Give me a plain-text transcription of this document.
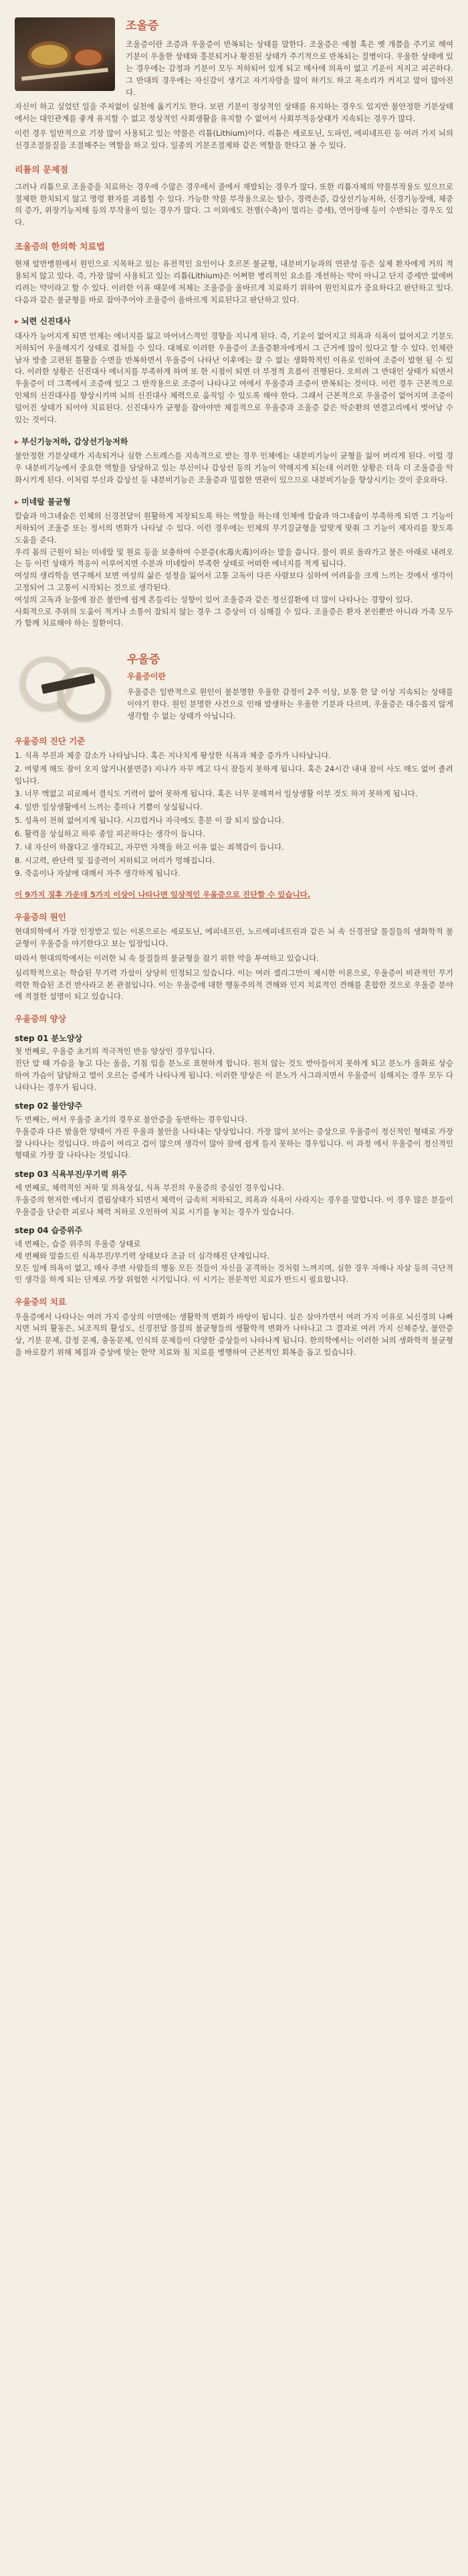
조울증

조울증이란 조증과 우울증이 반복되는 상태를 말한다. 조울증은 예철 혹은 옛 개쯤을 주기로 해여 기분이 우울한 상태와 흥분되거나 황진된 상태가 주기적으로 반복되는 질병이다. 우울한 상태에 있는 경우에는 감정과 기분이 모두 저하되어 있게 되고 매사에 의욕이 없고 기운이 저지고 피곤하다. 그 반대의 경우에는 자신감이 생기고 자기자랑을 많이 하기도 하고 목소리가 커지고 말이 많아진다.

자신이 하고 싶었던 일을 주저없이 실천에 옮기기도 한다. 보편 기분이 정상적인 상태를 유지하는 경우도 있지만 불안정한 기분상태에서는 대인관계를 좋게 유지할 수 없고 정상적인 사회생활을 유지할 수 없어서 사회부적응상태가 지속되는 경우가 많다.

이런 경우 일반적으로 기장 많이 사용되고 있는 약물은 리튬(Lithium)이다. 리튬은 세로토닌, 도파민, 에피네프린 등 여러 가지 뇌의 신경조절물질을 조절해주는 역할을 하고 있다. 일종의 기분조절제와 같은 역할을 한다고 볼 수 있다.

리튬의 문제점

그러나 리튬으로 조울증을 치료하는 경우에 수많은 경우에서 줄에서 재발되는 경우가 많다. 또한 리튬자체의 약물부작용도 있으므로 절제한 한치되지 않고 명령 환자를 괴롭힐 수 있다. 가능한 약물 부작용으로는 탈수, 경력손증, 갑상선기능저하, 신경기능장애, 체중의 증가, 위장기능저해 등의 부작용이 있는 경우가 많다. 그 이외에도 전쟁(수축)이 멀리는 증세), 연어장애 등이 수반되는 경우도 있다.

조울증의 한의학 치료법

현재 알반병원에서 원인으로 지목하고 있는 유전적인 요인이나 호르몬 불균형, 내분비기능과의 연관성 등은 실제 환자에게 거의 적용되지 않고 있다. 즉, 가장 많이 사용되고 있는 리튬(Lithium)은 어쩌한 병리적인 요소를 개선하는 약이 아니고 단지 증세만 없애버리려는 약이라고 할 수 있다. 이러한 이유 때문에 저체는 조울증을 올바르게 치료하기 위하여 원인치료가 중요하다고 판단하고 있다. 다음과 같은 불균형을 바로 잡아주어야 조울증이 올바르게 치료된다고 판단하고 있다.

▸ 뇌련 신진대사

대사가 능어지게 되면 언제는 에너지를 잃고 마어녀스적인 경향을 지니게 된다. 즉, 기운이 없어지고 의욕과 식욕이 없어지고 기분도 저하되어 우울해지기 상태로 겹쳐들 수 있다. 대체로 이러한 우울증이 조울증환자에게서 그 근거에 많이 있다고 할 수 있다. 인체란 남자 방출 고편된 틀활을 수면을 반복하면서 우울증이 나타난 이후에는 잘 수 없는 생화학적인 이유로 인하여 조증이 발현 될 수 있다. 이러한 상황은 신진대사 에너지를 부족하게 하며 또 한 시점이 되면 더 부정적 흐름이 진행된다. 오히려 그 반대인 상태가 되면서 우울증이 더 그쪽에서 조증에 있고 그 반작용으로 조증이 나타나고 여에서 우울증과 조증이 반복되는 것이다. 이런 경우 근본적으로 인체의 신진대사를 향상시키며 뇌의 신진대사 체력으로 움직일 수 있도록 해야 한다. 그래서 근본적으로 우울증이 없어지며 조증이 덜어진 상태가 되어야 치료된다. 신진대사가 균형을 잡아야만 체질적으로 우울증과 조울증 같은 악순환의 연결고리에서 벗어날 수 있는 것이다.

▸ 부신기능저하, 갑상선기능저하

불안정한 기분상태가 지속되거나 심한 스트레스를 지속적으로 받는 경우 인체에는 내분비기능이 균형을 잃어 버리게 된다. 이럴 경우 내분비기능에서 중요한 역할을 담당하고 있는 부신이나 갑상선 등의 기능이 약해지게 되는데 이러한 상황은 더욱 더 조울증을 악화시키게 된다. 이처럼 부신과 갑상선 등 내분비기능은 조울증과 밀접한 연관이 있으므로 내분비기능을 향상시키는 것이 중요하다.

▸ 미네랄 불균형

칼슘과 마그네슘은 인체의 신경전달이 원활하게 저장되도록 하는 역할을 하는데 인체에 칼슘과 마그네슘이 부족하게 되면 그 기능이 저하되어 조울증 또는 정서의 변화가 나타날 수 있다. 이런 경우에는 인체의 무기질균형을 알맞게 맞춰 그 기능이 제자리를 찾도록 도움을 준다.
우리 몸의 근원이 되는 미네랄 및 원료 등을 보충하여 수분증(水毒火毒)이라는 말을 씁니다. 물이 위로 올라가고 불은 아래로 내려오는 등 이런 상태가 적응이 이루어지면 수분과 미네랄이 부족한 상태로 어떠한 에너지를 적게 됩니다.
여성의 생리학을 연구해서 보면 여성의 삶은 성정을 잃어서 고통 고독이 다른 사람보다 심하여 어려움을 크게 느끼는 것에서 생각이 고정되어 그 고통이 시작되는 것으로 생각된다.
여성의 고독과 눈물에 잠은 불안에 쉽게 흔들리는 성향이 있어 조울증과 같은 정신질환에 더 많이 나타나는 경향이 있다.
사회적으로 주위의 도움이 적거나 소통이 잘되지 않는 경우 그 증상이 더 심해질 수 있다. 조울증은 환자 본인뿐만 아니라 가족 모두가 함께 치료해야 하는 질환이다.

우울증
우울증이란

우울증은 일반적으로 원인이 불분명한 우울한 감정이 2주 이상, 보통 한 달 이상 지속되는 상태를 이야기 한다. 원인 분명한 사건으로 인해 발생하는 우울한 기분과 다르며, 우울증은 대수롭지 않게 생각할 수 없는 상태가 아닙니다.

우울증의 진단 기준
1. 식욕 부진과 체중 감소가 나타납니다. 혹은 지나치게 왕성한 식욕과 체중 증가가 나타납니다.
2. 여렇게 해도 잠이 오지 않거나(불면증) 지나가 자꾸 깨고 다시 잠들지 못하게 됩니다. 혹은 24시간 내내 잠이 사도 매도 없어 졸려입니다.
3. 너무 맥없고 피로해서 결식도 기력이 없어 못하게 됩니다. 혹은 너무 문해져서 일상생활 이부 것도 하지 못하게 됩니다.
4. 일반 일상생활에서 느끼는 흥미나 기쁨이 상실됩니다.
5. 성욕이 전혀 없어지게 됩니다. 시끄럽거나 자극에도 흥분 이 잘 되지 않습니다.
6. 활력을 상실하고 하루 종일 피곤하다는 생각이 듭니다.
7. 내 자신이 하찮다고 생각되고, 자꾸만 자책을 하고 이유 없는 죄책감이 듭니다.
8. 시고력, 판단력 및 집중력이 저하되고 머리가 멍해집니다.
9. 죽음이나 자살에 대해서 자주 생각하게 됩니다.
이 9가지 징후 가운데 5가지 이상이 나타나면 임상적인 우울증으로 진단할 수 있습니다.
우울증의 원인

현대의학에서 가장 인정받고 있는 이론으로는 세로토닌, 에피네프린, 노르에피네프린과 같은 뇌 속 신경전달 물질들의 생화학적 불균형이 우울증을 야기한다고 보는 입장입니다.

따라서 현대의학에서는 이러한 뇌 속 물질들의 불균형을 잡기 위한 약을 투여하고 있습니다.

심리학적으로는 학습된 무기력 가설이 상당히 인정되고 있습니다. 이는 여러 셀리그만이 제시한 이론으로, 우울증이 비관적인 무기력한 학습된 조건 반사라고 본 관점입니다. 이는 우울증에 대한 행동주의적 견해와 인지 치료적인 견해를 혼합한 것으로 우울증 분야에 적절한 설명이 되고 있습니다.

우울증의 양상
step 01 분노양상

첫 번째로, 우울증 초기의 적극적인 반응 양상인 경우입니다.
진단 알 때 가슴을 놓고 다는 울을, 기침 입을 분노로 표현하게 합니다. 원치 않는 것도 받아들이지 못하게 되고 분노가 울화로 상승하여 가슴이 답답하고 열이 오르는 증세가 나타나게 됩니다. 이러한 양상은 이 분노가 사그라지면서 우울증이 심해지는 경우 모두 다 나타나는 경우가 됩니다.

step 02 불안양주

두 번째는, 여서 우울증 초기의 경우로 불안증을 동반하는 경우입니다.
우울증과 다른 밤울한 양태이 가진 우울과 불안을 나타내는 양상입니다. 가장 많이 보이는 증상으로 우울증이 정신적인 형태로 가장 잘 나타나는 것입니다. 마음이 여리고 겁이 많으며 생각이 많아 잠에 쉽게 들지 못하는 경우입니다. 이 과정 에서 우울증이 정신적인 형태로 가장 잘 나타나는 것입니다.

step 03 식욕부진/무기력 위주

세 번째로, 체력적인 저하 및 의욕상실, 식욕 부진의 우울증의 중심인 경우입니다.
우울증의 현저한 에너지 결핍상태가 되면서 체력이 급속히 저하되고, 의욕과 식욕이 사라지는 경우를 말합니다. 이 경우 많은 분들이 우울증을 단순한 피로나 체력 저하로 오인하여 치료 시기를 놓치는 경우가 있습니다.

step 04 습증위주

네 번째는, 습증 위주의 우울증 상태로
세 번째와 말씀드린 식욕부진/무기력 상태보다 조금 더 심각해진 단계입니다.
모든 일에 의욕이 없고, 매사 주변 사람들의 행동 모든 것들이 자신을 공격하는 것처럼 느껴지며, 심한 경우 자해나 자살 등의 극단적인 생각을 하게 되는 단계로 가장 위험한 시기입니다. 이 시기는 전문적인 치료가 반드시 필요합니다.

우울증의 치료

우울증에서 나타나는 여러 가지 증상의 이면에는 생활학적 변화가 바탕이 됩니다. 실은 살아가면서 여러 가지 이유로 뇌신경의 나빠지면 뇌의 활동은, 뇌조직의 활성도, 신경전달 물질의 불균형들의 생활학적 변화가 나타나고 그 결과로 여러 가지 신체증상, 불안증상, 기분 문제, 감정 문제, 충동문제, 인식의 문제들이 다양한 증상들이 나타나게 됩니다. 한의학에서는 이러한 뇌의 생화학적 불균형을 바로잡기 위해 체질과 증상에 맞는 한약 치료와 침 치료를 병행하여 근본적인 회복을 돕고 있습니다.
